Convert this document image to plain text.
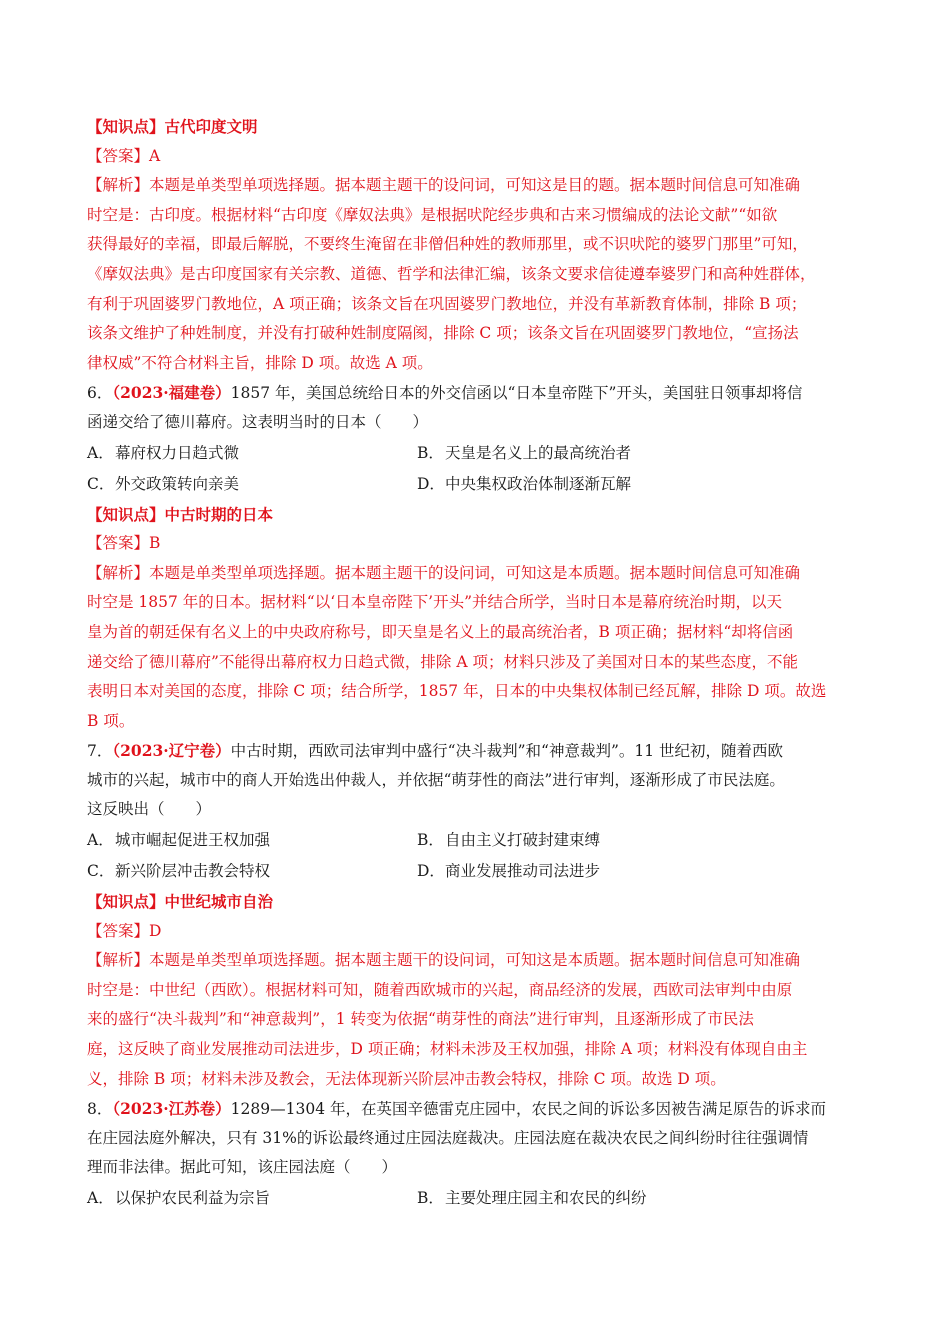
【知识点】古代印度文明
【答案】A
【解析】本题是单类型单项选择题。据本题主题干的设问词，可知这是目的题。据本题时间信息可知准确
时空是：古印度。根据材料“古印度《摩奴法典》是根据吠陀经步典和古来习惯编成的法论文献”“如欲
获得最好的幸福，即最后解脱，不要终生淹留在非僧侣种姓的教师那里，或不识吠陀的婆罗门那里”可知，
《摩奴法典》是古印度国家有关宗教、道德、哲学和法律汇编，该条文要求信徒遵奉婆罗门和高种姓群体，
有利于巩固婆罗门教地位，A 项正确；该条文旨在巩固婆罗门教地位，并没有革新教育体制，排除 B 项；
该条文维护了种姓制度，并没有打破种姓制度隔阂，排除 C 项；该条文旨在巩固婆罗门教地位，“宣扬法
律权威”不符合材料主旨，排除 D 项。故选 A 项。
6．（2023·福建卷）1857 年，美国总统给日本的外交信函以“日本皇帝陛下”开头，美国驻日领事却将信
函递交给了德川幕府。这表明当时的日本（　　）
A．幕府权力日趋式微	B．天皇是名义上的最高统治者
C．外交政策转向亲美	D．中央集权政治体制逐渐瓦解
【知识点】中古时期的日本
【答案】B
【解析】本题是单类型单项选择题。据本题主题干的设问词，可知这是本质题。据本题时间信息可知准确
时空是 1857 年的日本。据材料“以‘日本皇帝陛下’开头”并结合所学，当时日本是幕府统治时期，以天
皇为首的朝廷保有名义上的中央政府称号，即天皇是名义上的最高统治者，B 项正确；据材料“却将信函
递交给了德川幕府”不能得出幕府权力日趋式微，排除 A 项；材料只涉及了美国对日本的某些态度，不能
表明日本对美国的态度，排除 C 项；结合所学，1857 年，日本的中央集权体制已经瓦解，排除 D 项。故选
B 项。
7．（2023·辽宁卷）中古时期，西欧司法审判中盛行“决斗裁判”和“神意裁判”。11 世纪初，随着西欧
城市的兴起，城市中的商人开始选出仲裁人，并依据“萌芽性的商法”进行审判，逐渐形成了市民法庭。
这反映出（　　）
A．城市崛起促进王权加强	B．自由主义打破封建束缚
C．新兴阶层冲击教会特权	D．商业发展推动司法进步
【知识点】中世纪城市自治
【答案】D
【解析】本题是单类型单项选择题。据本题主题干的设问词，可知这是本质题。据本题时间信息可知准确
时空是：中世纪（西欧）。根据材料可知，随着西欧城市的兴起，商品经济的发展，西欧司法审判中由原
来的盛行“决斗裁判”和“神意裁判”，1 转变为依据“萌芽性的商法”进行审判，且逐渐形成了市民法
庭，这反映了商业发展推动司法进步，D 项正确；材料未涉及王权加强，排除 A 项；材料没有体现自由主
义，排除 B 项；材料未涉及教会，无法体现新兴阶层冲击教会特权，排除 C 项。故选 D 项。
8．（2023·江苏卷）1289—1304 年，在英国辛德雷克庄园中，农民之间的诉讼多因被告满足原告的诉求而
在庄园法庭外解决，只有 31%的诉讼最终通过庄园法庭裁决。庄园法庭在裁决农民之间纠纷时往往强调情
理而非法律。据此可知，该庄园法庭（　　）
A．以保护农民利益为宗旨	B．主要处理庄园主和农民的纠纷
